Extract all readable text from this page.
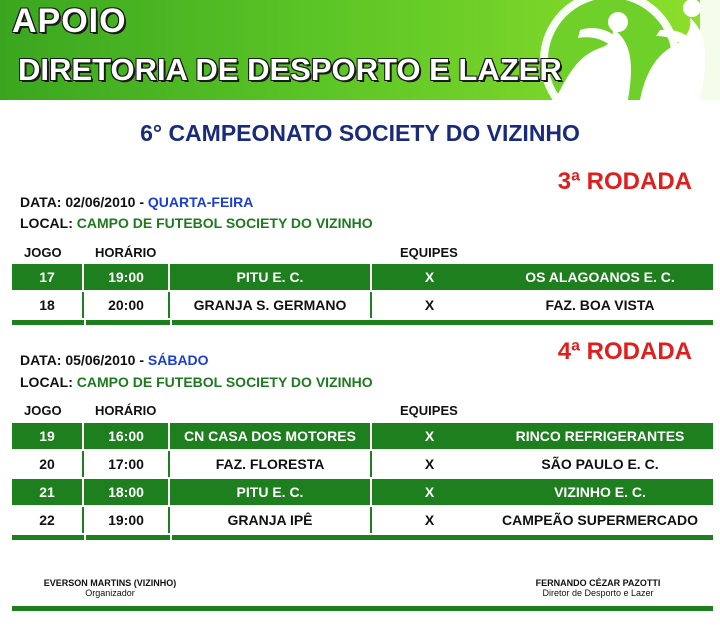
APOIO
DIRETORIA DE DESPORTO E LAZER
6° CAMPEONATO SOCIETY DO VIZINHO
3ª RODADA
DATA: 02/06/2010 - QUARTA-FEIRA
LOCAL: CAMPO DE FUTEBOL SOCIETY DO VIZINHO
JOGO	HORÁRIO	EQUIPES
17	19:00	PITU E. C.	X	OS ALAGOANOS E. C.
18	20:00	GRANJA S. GERMANO	X	FAZ. BOA VISTA
4ª RODADA
DATA: 05/06/2010 - SÁBADO
LOCAL: CAMPO DE FUTEBOL SOCIETY DO VIZINHO
JOGO	HORÁRIO	EQUIPES
19	16:00	CN CASA DOS MOTORES	X	RINCO REFRIGERANTES
20	17:00	FAZ. FLORESTA	X	SÃO PAULO E. C.
21	18:00	PITU E. C.	X	VIZINHO E. C.
22	19:00	GRANJA IPÊ	X	CAMPEÃO SUPERMERCADO
EVERSON MARTINS (VIZINHO)
Organizador
FERNANDO CÉZAR PAZOTTI
Diretor de Desporto e Lazer
